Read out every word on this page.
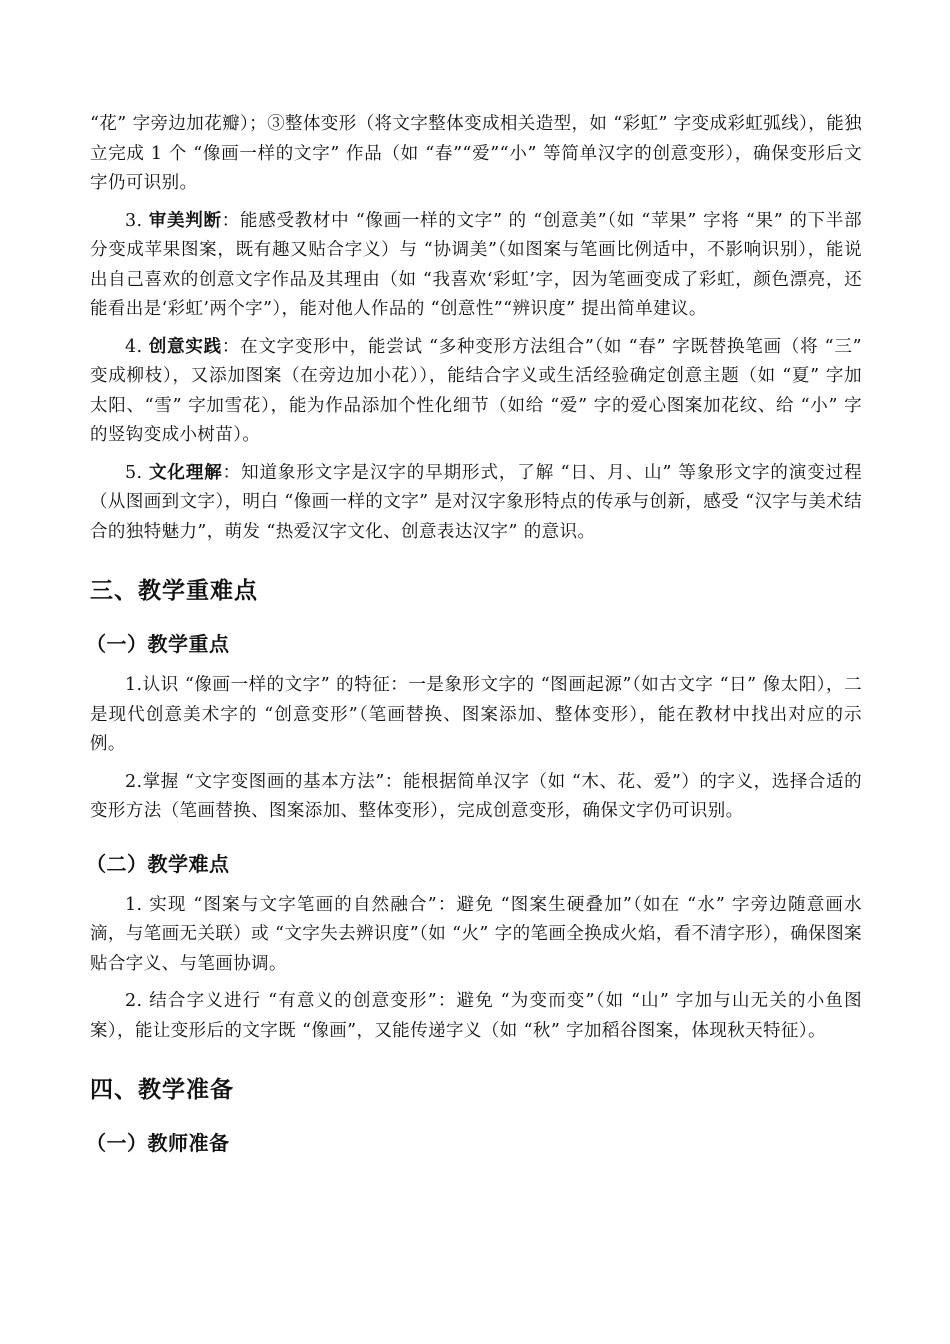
“花” 字旁边加花瓣）；③整体变形（将文字整体变成相关造型，如 “彩虹” 字变成彩虹弧线），能独立完成 1 个 “像画一样的文字” 作品（如 “春”“爱”“小” 等简单汉字的创意变形），确保变形后文字仍可识别。

3. 审美判断：能感受教材中 “像画一样的文字” 的 “创意美”（如 “苹果” 字将 “果” 的下半部分变成苹果图案，既有趣又贴合字义）与 “协调美”（如图案与笔画比例适中，不影响识别），能说出自己喜欢的创意文字作品及其理由（如 “我喜欢‘彩虹’字，因为笔画变成了彩虹，颜色漂亮，还能看出是‘彩虹’两个字”），能对他人作品的 “创意性”“辨识度” 提出简单建议。

4. 创意实践：在文字变形中，能尝试 “多种变形方法组合”（如 “春” 字既替换笔画（将 “三” 变成柳枝），又添加图案（在旁边加小花）），能结合字义或生活经验确定创意主题（如 “夏” 字加太阳、“雪” 字加雪花），能为作品添加个性化细节（如给 “爱” 字的爱心图案加花纹、给 “小” 字的竖钩变成小树苗）。

5. 文化理解：知道象形文字是汉字的早期形式，了解 “日、月、山” 等象形文字的演变过程（从图画到文字），明白 “像画一样的文字” 是对汉字象形特点的传承与创新，感受 “汉字与美术结合的独特魅力”，萌发 “热爱汉字文化、创意表达汉字” 的意识。

三、教学重难点
（一）教学重点

1.认识 “像画一样的文字” 的特征：一是象形文字的 “图画起源”（如古文字 “日” 像太阳），二是现代创意美术字的 “创意变形”（笔画替换、图案添加、整体变形），能在教材中找出对应的示例。

2.掌握 “文字变图画的基本方法”：能根据简单汉字（如 “木、花、爱”）的字义，选择合适的变形方法（笔画替换、图案添加、整体变形），完成创意变形，确保文字仍可识别。

（二）教学难点

1. 实现 “图案与文字笔画的自然融合”：避免 “图案生硬叠加”（如在 “水” 字旁边随意画水滴，与笔画无关联）或 “文字失去辨识度”（如 “火” 字的笔画全换成火焰，看不清字形），确保图案贴合字义、与笔画协调。

2. 结合字义进行 “有意义的创意变形”：避免 “为变而变”（如 “山” 字加与山无关的小鱼图案），能让变形后的文字既 “像画”，又能传递字义（如 “秋” 字加稻谷图案，体现秋天特征）。

四、教学准备
（一）教师准备
